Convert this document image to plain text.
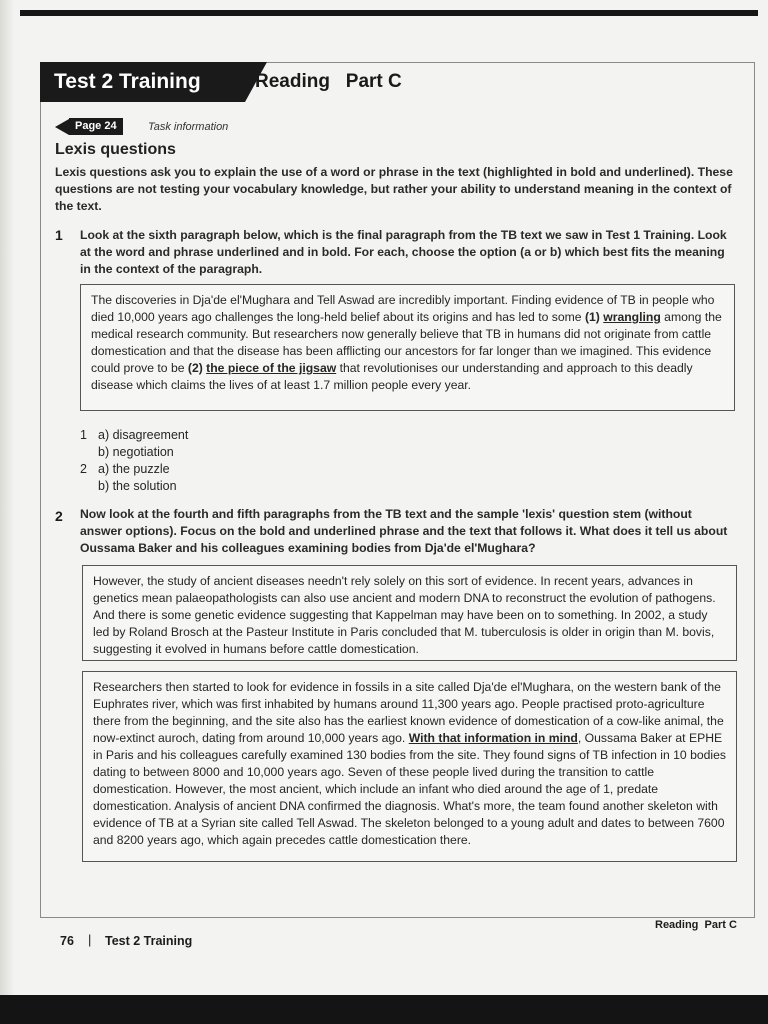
Test 2 Training	Reading   Part C
Page 24	Task information
Lexis questions
Lexis questions ask you to explain the use of a word or phrase in the text (highlighted in bold and underlined). These questions are not testing your vocabulary knowledge, but rather your ability to understand meaning in the context of the text.
1 Look at the sixth paragraph below, which is the final paragraph from the TB text we saw in Test 1 Training. Look at the word and phrase underlined and in bold. For each, choose the option (a or b) which best fits the meaning in the context of the paragraph.
The discoveries in Dja'de el'Mughara and Tell Aswad are incredibly important. Finding evidence of TB in people who died 10,000 years ago challenges the long-held belief about its origins and has led to some (1) wrangling among the medical research community. But researchers now generally believe that TB in humans did not originate from cattle domestication and that the disease has been afflicting our ancestors for far longer than we imagined. This evidence could prove to be (2) the piece of the jigsaw that revolutionises our understanding and approach to this deadly disease which claims the lives of at least 1.7 million people every year.
1 a) disagreement
b) negotiation
2 a) the puzzle
b) the solution
2 Now look at the fourth and fifth paragraphs from the TB text and the sample 'lexis' question stem (without answer options). Focus on the bold and underlined phrase and the text that follows it. What does it tell us about Oussama Baker and his colleagues examining bodies from Dja'de el'Mughara?
However, the study of ancient diseases needn't rely solely on this sort of evidence. In recent years, advances in genetics mean palaeopathologists can also use ancient and modern DNA to reconstruct the evolution of pathogens. And there is some genetic evidence suggesting that Kappelman may have been on to something. In 2002, a study led by Roland Brosch at the Pasteur Institute in Paris concluded that M. tuberculosis is older in origin than M. bovis, suggesting it evolved in humans before cattle domestication.
Researchers then started to look for evidence in fossils in a site called Dja'de el'Mughara, on the western bank of the Euphrates river, which was first inhabited by humans around 11,300 years ago. People practised proto-agriculture there from the beginning, and the site also has the earliest known evidence of domestication of a cow-like animal, the now-extinct auroch, dating from around 10,000 years ago. With that information in mind, Oussama Baker at EPHE in Paris and his colleagues carefully examined 130 bodies from the site. They found signs of TB infection in 10 bodies dating to between 8000 and 10,000 years ago. Seven of these people lived during the transition to cattle domestication. However, the most ancient, which include an infant who died around the age of 1, predate domestication. Analysis of ancient DNA confirmed the diagnosis. What's more, the team found another skeleton with evidence of TB at a Syrian site called Tell Aswad. The skeleton belonged to a young adult and dates to between 7600 and 8200 years ago, which again precedes cattle domestication there.
Reading  Part C
76 | Test 2 Training
